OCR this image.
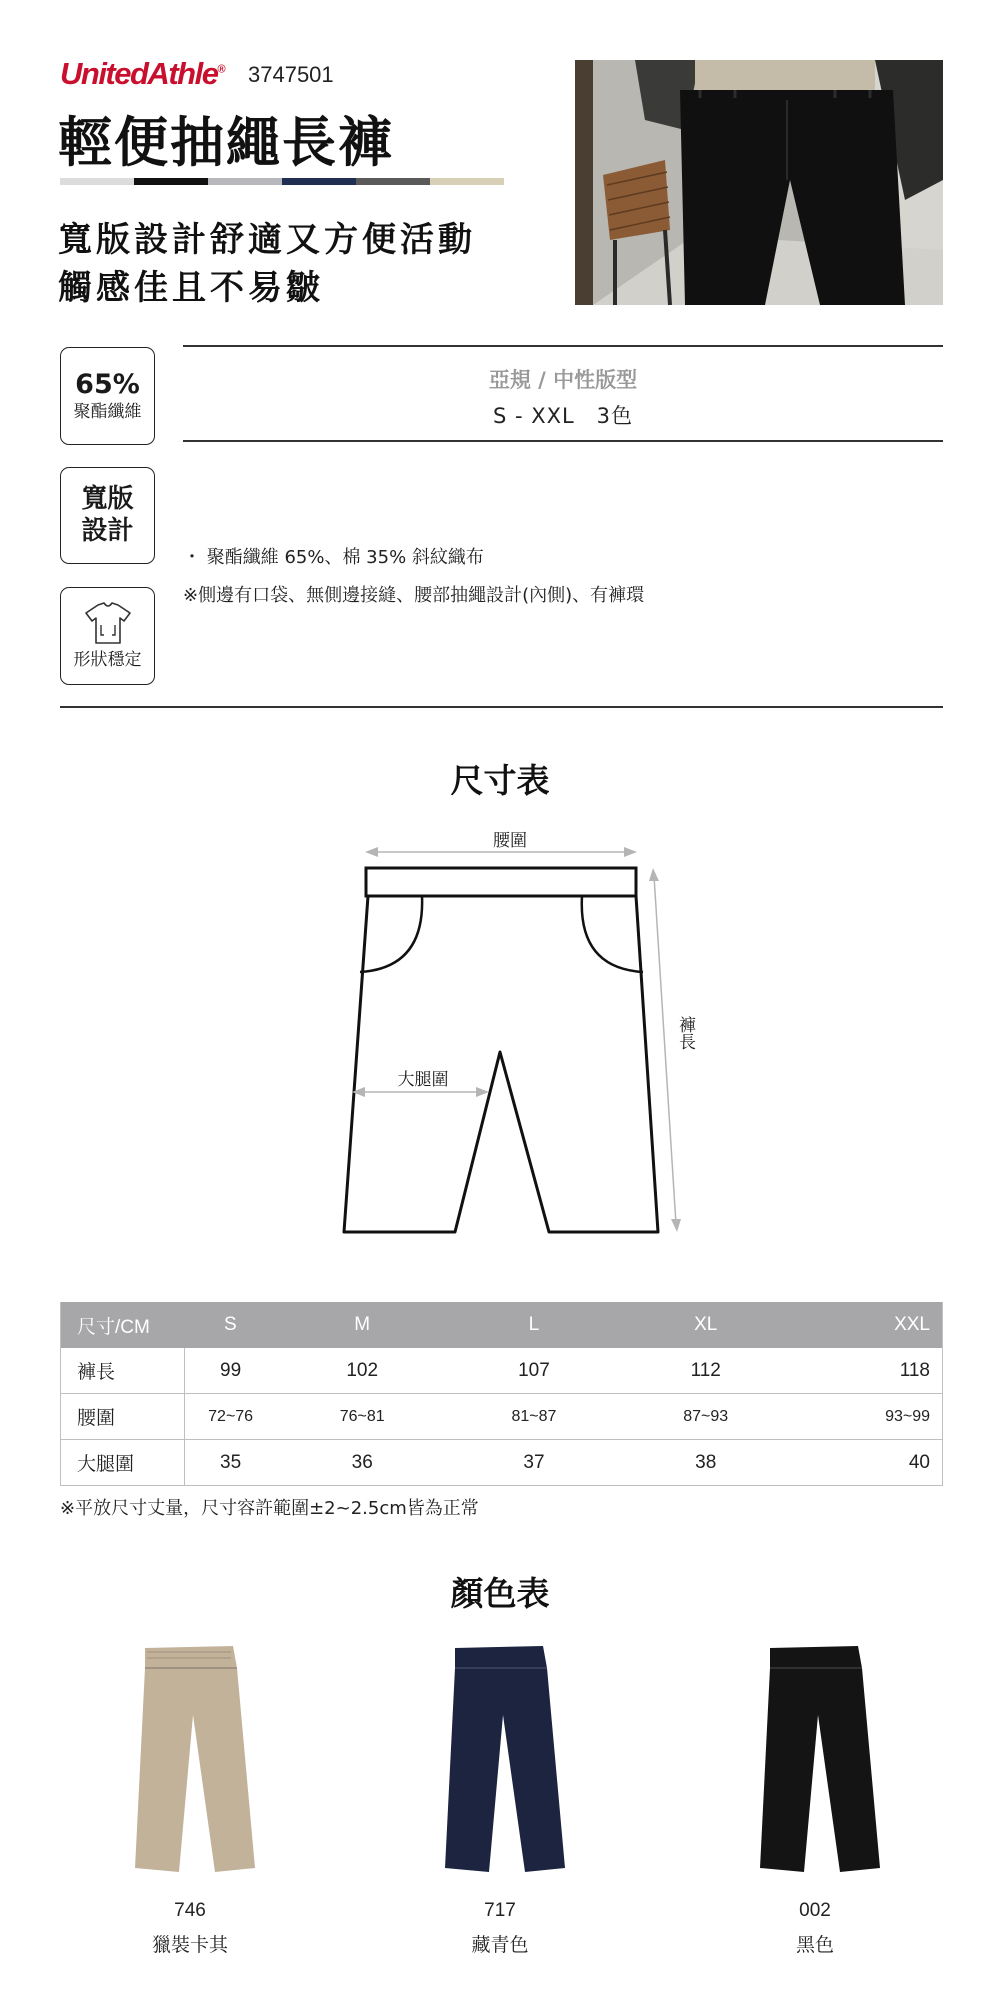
UnitedAthle® 3747501
輕便抽繩長褲
寬版設計舒適又方便活動
觸感佳且不易皺
65%
聚酯纖維
寬版
設計
形狀穩定
亞規 / 中性版型
S - XXL　3色
・ 聚酯纖維 65%、棉 35% 斜紋織布
※側邊有口袋、無側邊接縫、腰部抽繩設計(內側)、有褲環
尺寸表
腰圍
大腿圍
褲長
尺寸/CM	S	M	L	XL	XXL
褲長	99	102	107	112	118
腰圍	72~76	76~81	81~87	87~93	93~99
大腿圍	35	36	37	38	40
※平放尺寸丈量，尺寸容許範圍±2~2.5cm皆為正常
顏色表
746
獵裝卡其
717
藏青色
002
黑色
